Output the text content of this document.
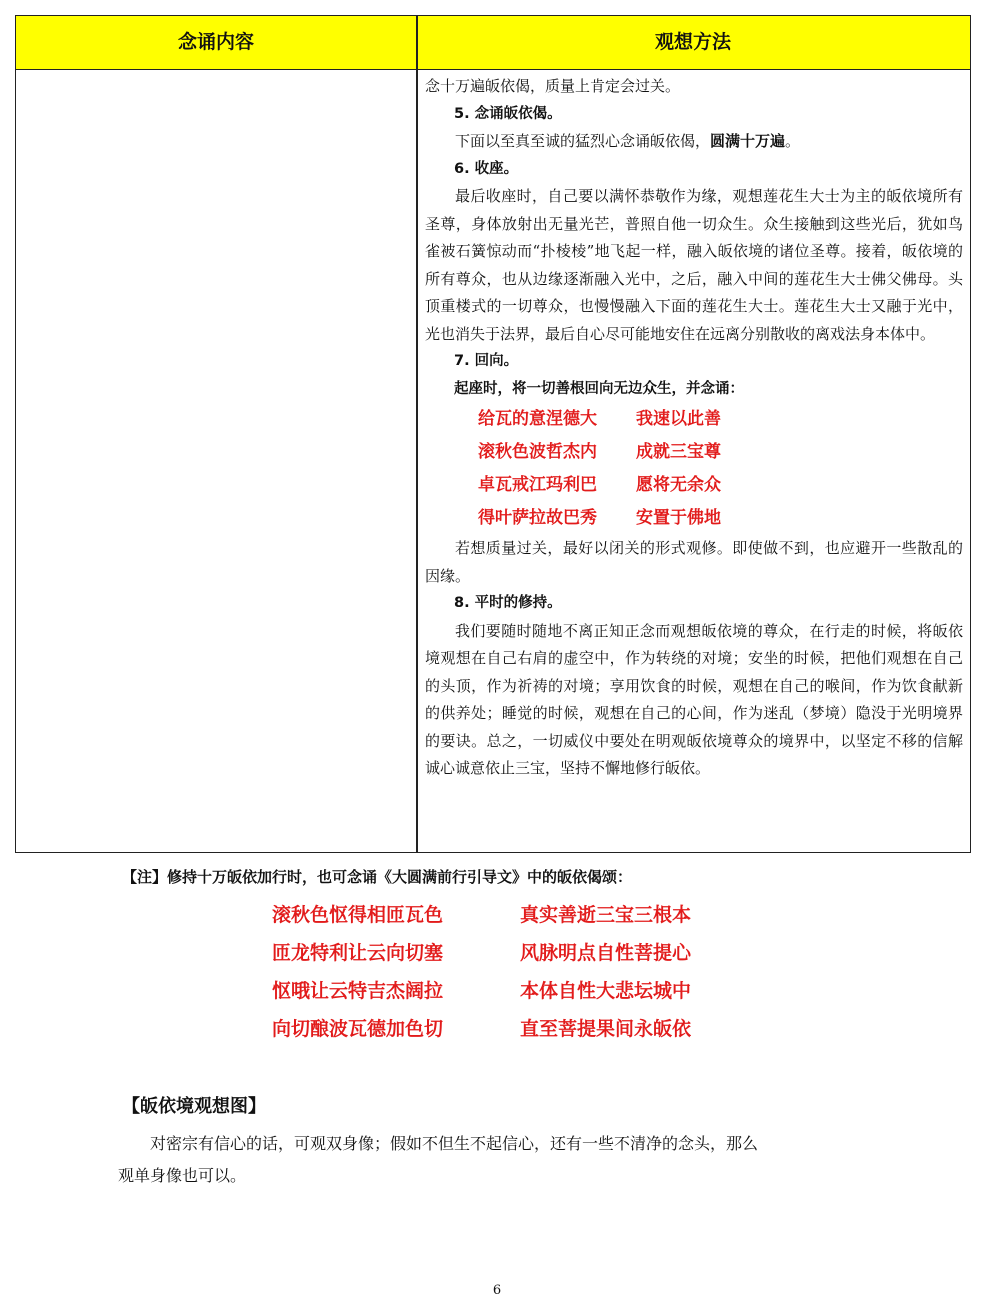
念诵内容	观想方法

念十万遍皈依偈，质量上肯定会过关。

5. 念诵皈依偈。

下面以至真至诚的猛烈心念诵皈依偈，圆满十万遍。

6. 收座。

最后收座时，自己要以满怀恭敬作为缘，观想莲花生大士为主的皈依境所有圣尊，身体放射出无量光芒，普照自他一切众生。众生接触到这些光后，犹如鸟雀被石簧惊动而“扑棱棱”地飞起一样，融入皈依境的诸位圣尊。接着，皈依境的所有尊众，也从边缘逐渐融入光中，之后，融入中间的莲花生大士佛父佛母。头顶重楼式的一切尊众，也慢慢融入下面的莲花生大士。莲花生大士又融于光中，光也消失于法界，最后自心尽可能地安住在远离分别散收的离戏法身本体中。

7. 回向。

起座时，将一切善根回向无边众生，并念诵：

给瓦的意涅德大 我速以此善

滚秋色波哲杰内 成就三宝尊

卓瓦戒江玛利巴 愿将无余众

得叶萨拉故巴秀 安置于佛地

若想质量过关，最好以闭关的形式观修。即使做不到，也应避开一些散乱的因缘。

8. 平时的修持。

我们要随时随地不离正知正念而观想皈依境的尊众，在行走的时候，将皈依境观想在自己右肩的虚空中，作为转绕的对境；安坐的时候，把他们观想在自己的头顶，作为祈祷的对境；享用饮食的时候，观想在自己的喉间，作为饮食献新的供养处；睡觉的时候，观想在自己的心间，作为迷乱（梦境）隐没于光明境界的要诀。总之，一切威仪中要处在明观皈依境尊众的境界中，以坚定不移的信解诚心诚意依止三宝，坚持不懈地修行皈依。

【注】修持十万皈依加行时，也可念诵《大圆满前行引导文》中的皈依偈颂：
滚秋色怄得相匝瓦色	真实善逝三宝三根本
匝龙特利让云向切塞	风脉明点自性菩提心
怄哦让云特吉杰阔拉	本体自性大悲坛城中
向切酿波瓦德加色切	直至菩提果间永皈依
【皈依境观想图】

对密宗有信心的话，可观双身像；假如不但生不起信心，还有一些不清净的念头，那么

观单身像也可以。

6
